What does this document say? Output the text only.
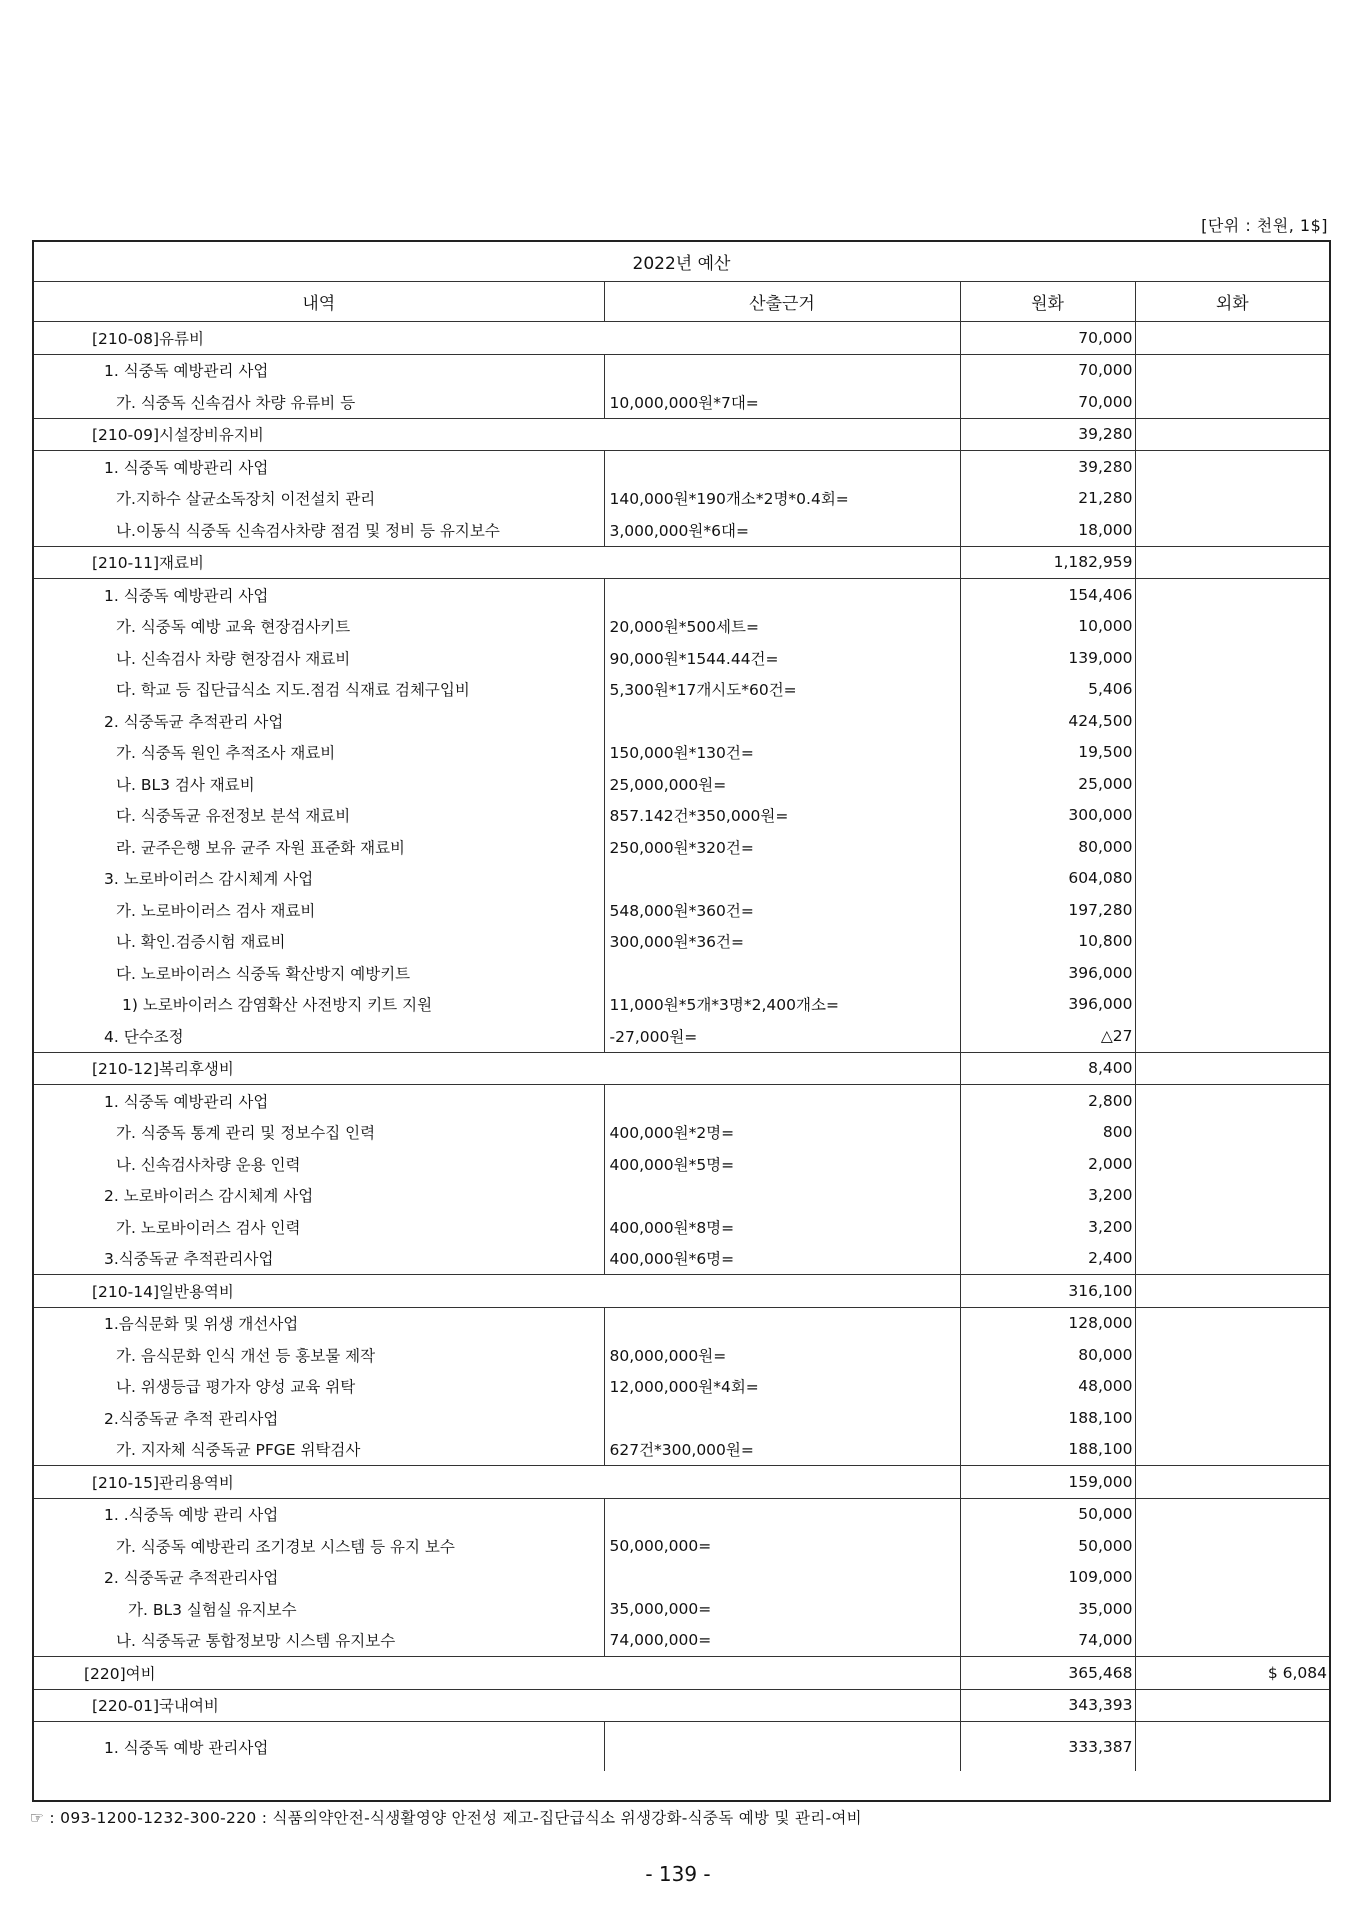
[단위 : 천원, 1$]
2022년 예산			
내역	산출근거	원화	외화
[210-08]유류비		70,000	
1. 식중독 예방관리 사업		70,000	
가. 식중독 신속검사 차량 유류비 등	10,000,000원*7대=	70,000	
[210-09]시설장비유지비		39,280	
1. 식중독 예방관리 사업		39,280	
가.지하수 살균소독장치 이전설치 관리	140,000원*190개소*2명*0.4회=	21,280	
나.이동식 식중독 신속검사차량 점검 및 정비 등 유지보수	3,000,000원*6대=	18,000	
[210-11]재료비		1,182,959	
1. 식중독 예방관리 사업		154,406	
가. 식중독 예방 교육 현장검사키트	20,000원*500세트=	10,000	
나. 신속검사 차량 현장검사 재료비	90,000원*1544.44건=	139,000	
다. 학교 등 집단급식소 지도.점검 식재료 검체구입비	5,300원*17개시도*60건=	5,406	
2. 식중독균 추적관리 사업		424,500	
가. 식중독 원인 추적조사 재료비	150,000원*130건=	19,500	
나. BL3 검사 재료비	25,000,000원=	25,000	
다. 식중독균 유전정보 분석 재료비	857.142건*350,000원=	300,000	
라. 균주은행 보유 균주 자원 표준화 재료비	250,000원*320건=	80,000	
3. 노로바이러스 감시체계 사업		604,080	
가. 노로바이러스 검사 재료비	548,000원*360건=	197,280	
나. 확인.검증시험 재료비	300,000원*36건=	10,800	
다. 노로바이러스 식중독 확산방지 예방키트		396,000	
1) 노로바이러스 감염확산 사전방지 키트 지원	11,000원*5개*3명*2,400개소=	396,000	
4. 단수조정	-27,000원=	△27	
[210-12]복리후생비		8,400	
1. 식중독 예방관리 사업		2,800	
가. 식중독 통계 관리 및 정보수집 인력	400,000원*2명=	800	
나. 신속검사차량 운용 인력	400,000원*5명=	2,000	
2. 노로바이러스 감시체계 사업		3,200	
가. 노로바이러스 검사 인력	400,000원*8명=	3,200	
3.식중독균 추적관리사업	400,000원*6명=	2,400	
[210-14]일반용역비		316,100	
1.음식문화 및 위생 개선사업		128,000	
가. 음식문화 인식 개선 등 홍보물 제작	80,000,000원=	80,000	
나. 위생등급 평가자 양성 교육 위탁	12,000,000원*4회=	48,000	
2.식중독균 추적 관리사업		188,100	
가. 지자체 식중독균 PFGE 위탁검사	627건*300,000원=	188,100	
[210-15]관리용역비		159,000	
1. .식중독 예방 관리 사업		50,000	
가. 식중독 예방관리 조기경보 시스템 등 유지 보수	50,000,000=	50,000	
2. 식중독균 추적관리사업		109,000	
가. BL3 실험실 유지보수	35,000,000=	35,000	
나. 식중독균 통합정보망 시스템 유지보수	74,000,000=	74,000	
[220]여비		365,468	$ 6,084
[220-01]국내여비		343,393	
1. 식중독 예방 관리사업		333,387	
☞ : 093-1200-1232-300-220 : 식품의약안전-식생활영양 안전성 제고-집단급식소 위생강화-식중독 예방 및 관리-여비
- 139 -
